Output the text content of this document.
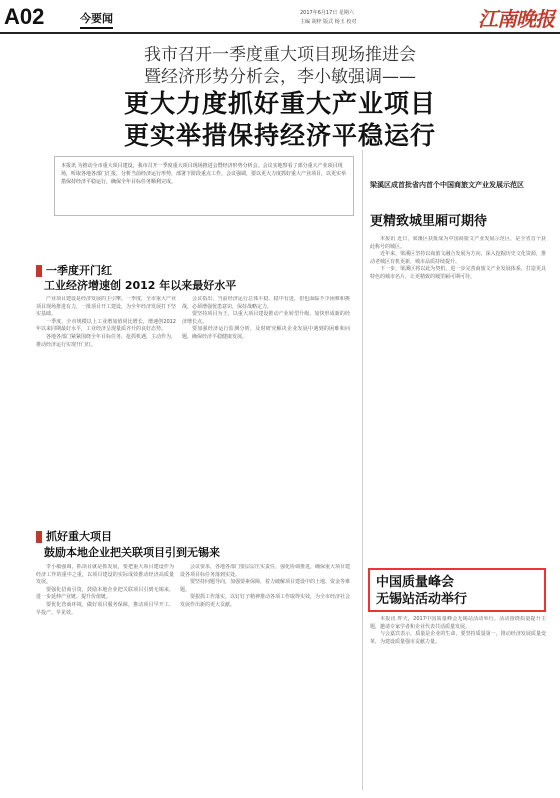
A02	今要闻	2017年6月17日 星期六
主编 胡梓 版式 杨玉 校对	江南晚报
我市召开一季度重大项目现场推进会
暨经济形势分析会，李小敏强调——
更大力度抓好重大产业项目
更实举措保持经济平稳运行
本报讯 为推动全市重大项目建设，我市召开一季度重大项目现场推进会暨经济形势分析会。会议实地察看了部分重大产业项目现场，听取各地各部门汇报，分析当前经济运行形势，部署下阶段重点工作。会议强调，要以更大力度抓好重大产业项目，以更实举措保持经济平稳运行，确保全年目标任务顺利完成。
一季度开门红
工业经济增速创 2012 年以来最好水平

产业项目建设是经济发展的主引擎。一季度，全市重大产业项目现场推进有力，一批项目开工建设，为全年经济发展打下坚实基础。

一季度，全市规模以上工业增加值同比增长，增速创2012年以来同期最好水平，工业经济呈现量质齐升的良好态势。

各地各部门紧紧围绕全年目标任务，抢抓机遇，主动作为，推动经济运行实现开门红。

会议指出，当前经济运行总体平稳、稳中有进，但也面临不少困难和挑战，必须增强忧患意识，保持战略定力。

要坚持项目为王，以重大项目建设推动产业转型升级，加快形成新的经济增长点。

要加强经济运行监测分析，及时研究解决企业发展中遇到的困难和问题，确保经济平稳健康发展。

抓好重大项目
鼓励本地企业把关联项目引到无锡来

李小敏强调，抓项目就是抓发展，要把重大项目建设作为经济工作的重中之重，以项目建设的实际成效推动经济高质量发展。

要强化招商引资，鼓励本地企业把关联项目引到无锡来，进一步延伸产业链、提升价值链。

要优化营商环境，做好项目服务保障，推动项目早开工、早投产、早见效。

会议要求，各地各部门要层层压实责任，强化协调推进，确保重大项目建设各项目标任务落到实处。

要坚持问题导向，加强要素保障，着力破解项目建设中的土地、资金等难题。

要狠抓工作落实，以钉钉子精神推动各项工作取得实效，为全市经济社会发展作出新的更大贡献。

梁溪区成首批省内首个中国商旅文产业发展示范区
更精致城里厢可期待

本报讯 近日，梁溪区获批成为中国商旅文产业发展示范区，是全省首个获此称号的城区。

近年来，梁溪区坚持以商旅文融合发展为方向，深入挖掘历史文化资源，推动老城区有机更新，城市品质持续提升。

下一步，梁溪区将以此为契机，进一步完善商旅文产业发展体系，打造更具特色的城市名片，让更精致的城里厢可期可待。

中国质量峰会
无锡站活动举行

本报讯 昨天，2017中国质量峰会无锡站活动举行。活动围绕质量提升主题，邀请专家学者和企业代表共话质量发展。

与会嘉宾表示，质量是企业的生命，要坚持质量第一，推动经济发展质量变革，为建设质量强市贡献力量。
